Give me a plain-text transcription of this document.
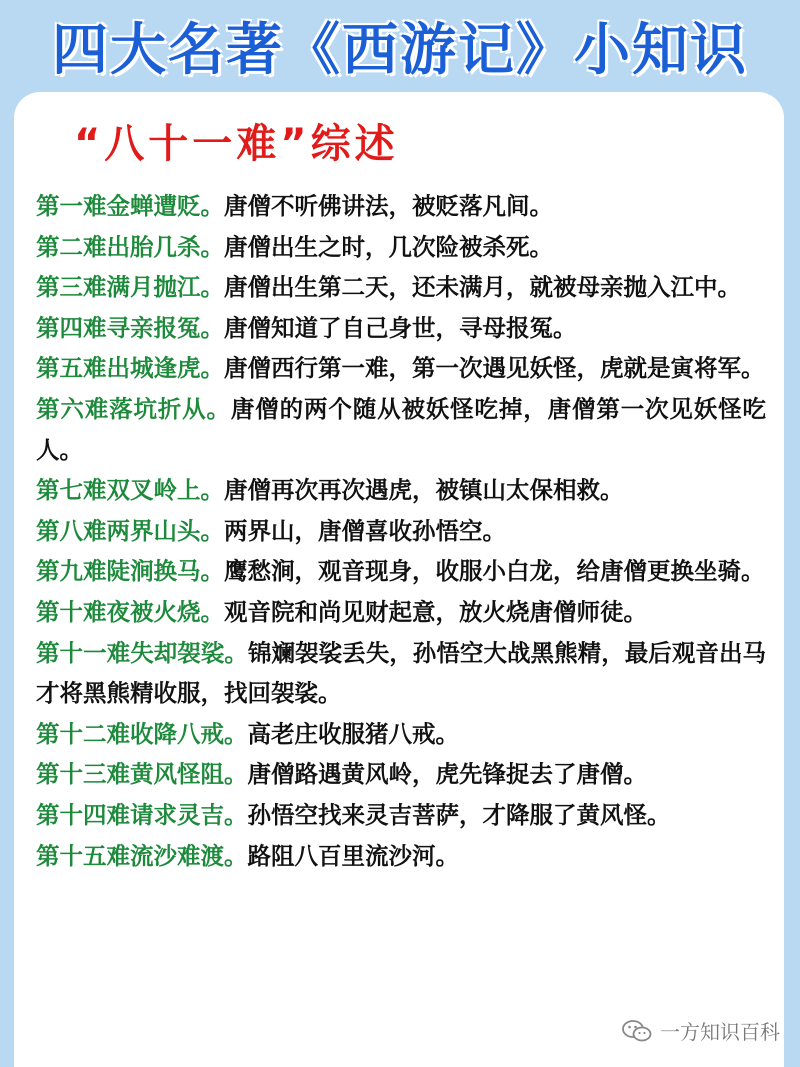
四大名著《西游记》小知识
“八十一难”综述

第一难金蝉遭贬。唐僧不听佛讲法，被贬落凡间。

第二难出胎几杀。唐僧出生之时，几次险被杀死。

第三难满月抛江。唐僧出生第二天，还未满月，就被母亲抛入江中。

第四难寻亲报冤。唐僧知道了自己身世，寻母报冤。

第五难出城逢虎。唐僧西行第一难，第一次遇见妖怪，虎就是寅将军。

第六难落坑折从。唐僧的两个随从被妖怪吃掉，唐僧第一次见妖怪吃人。

第七难双叉岭上。唐僧再次再次遇虎，被镇山太保相救。

第八难两界山头。两界山，唐僧喜收孙悟空。

第九难陡涧换马。鹰愁涧，观音现身，收服小白龙，给唐僧更换坐骑。

第十难夜被火烧。观音院和尚见财起意，放火烧唐僧师徒。

第十一难失却袈裟。锦斓袈裟丢失，孙悟空大战黑熊精，最后观音出马才将黑熊精收服，找回袈裟。

第十二难收降八戒。高老庄收服猪八戒。

第十三难黄风怪阻。唐僧路遇黄风岭，虎先锋捉去了唐僧。

第十四难请求灵吉。孙悟空找来灵吉菩萨，才降服了黄风怪。

第十五难流沙难渡。路阻八百里流沙河。

一方知识百科
